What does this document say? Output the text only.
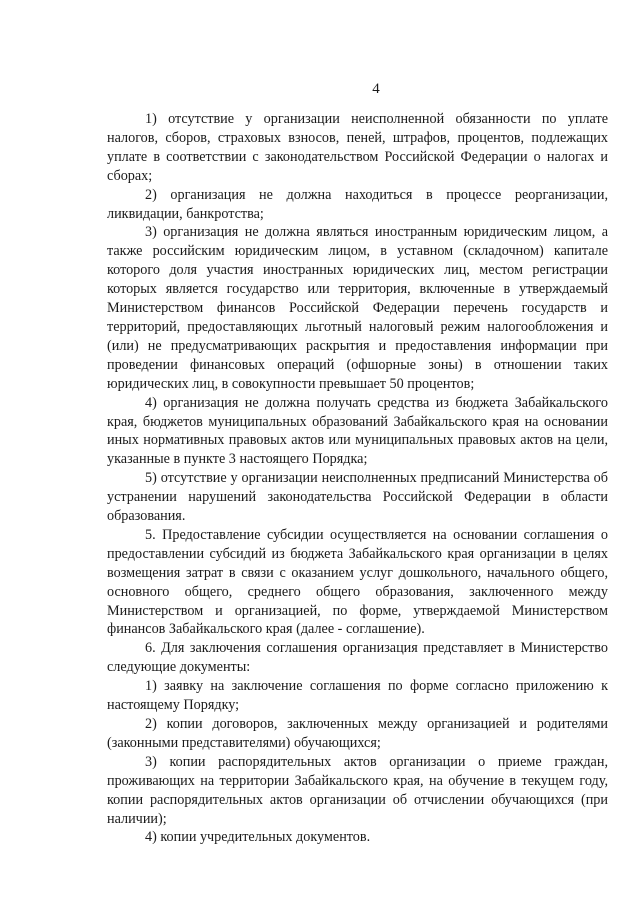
4

1) отсутствие у организации неисполненной обязанности по уплате налогов, сборов, страховых взносов, пеней, штрафов, процентов, подлежащих уплате в соответствии с законодательством Российской Федерации о налогах и сборах;

2) организация не должна находиться в процессе реорганизации, ликвидации, банкротства;

3) организация не должна являться иностранным юридическим лицом, а также российским юридическим лицом, в уставном (складочном) капитале которого доля участия иностранных юридических лиц, местом регистрации которых является государство или территория, включенные в утверждаемый Министерством финансов Российской Федерации перечень государств и территорий, предоставляющих льготный налоговый режим налогообложения и (или) не предусматривающих раскрытия и предоставления информации при проведении финансовых операций (офшорные зоны) в отношении таких юридических лиц, в совокупности превышает 50 процентов;

4) организация не должна получать средства из бюджета Забайкальского края, бюджетов муниципальных образований Забайкальского края на основании иных нормативных правовых актов или муниципальных правовых актов на цели, указанные в пункте 3 настоящего Порядка;

5) отсутствие у организации неисполненных предписаний Министерства об устранении нарушений законодательства Российской Федерации в области образования.

5. Предоставление субсидии осуществляется на основании соглашения о предоставлении субсидий из бюджета Забайкальского края организации в целях возмещения затрат в связи с оказанием услуг дошкольного, начального общего, основного общего, среднего общего образования, заключенного между Министерством и организацией, по форме, утверждаемой Министерством финансов Забайкальского края (далее - соглашение).

6. Для заключения соглашения организация представляет в Министерство следующие документы:

1) заявку на заключение соглашения по форме согласно приложению к настоящему Порядку;

2) копии договоров, заключенных между организацией и родителями (законными представителями) обучающихся;

3) копии распорядительных актов организации о приеме граждан, проживающих на территории Забайкальского края, на обучение в текущем году, копии распорядительных актов организации об отчислении обучающихся (при наличии);

4) копии учредительных документов.
